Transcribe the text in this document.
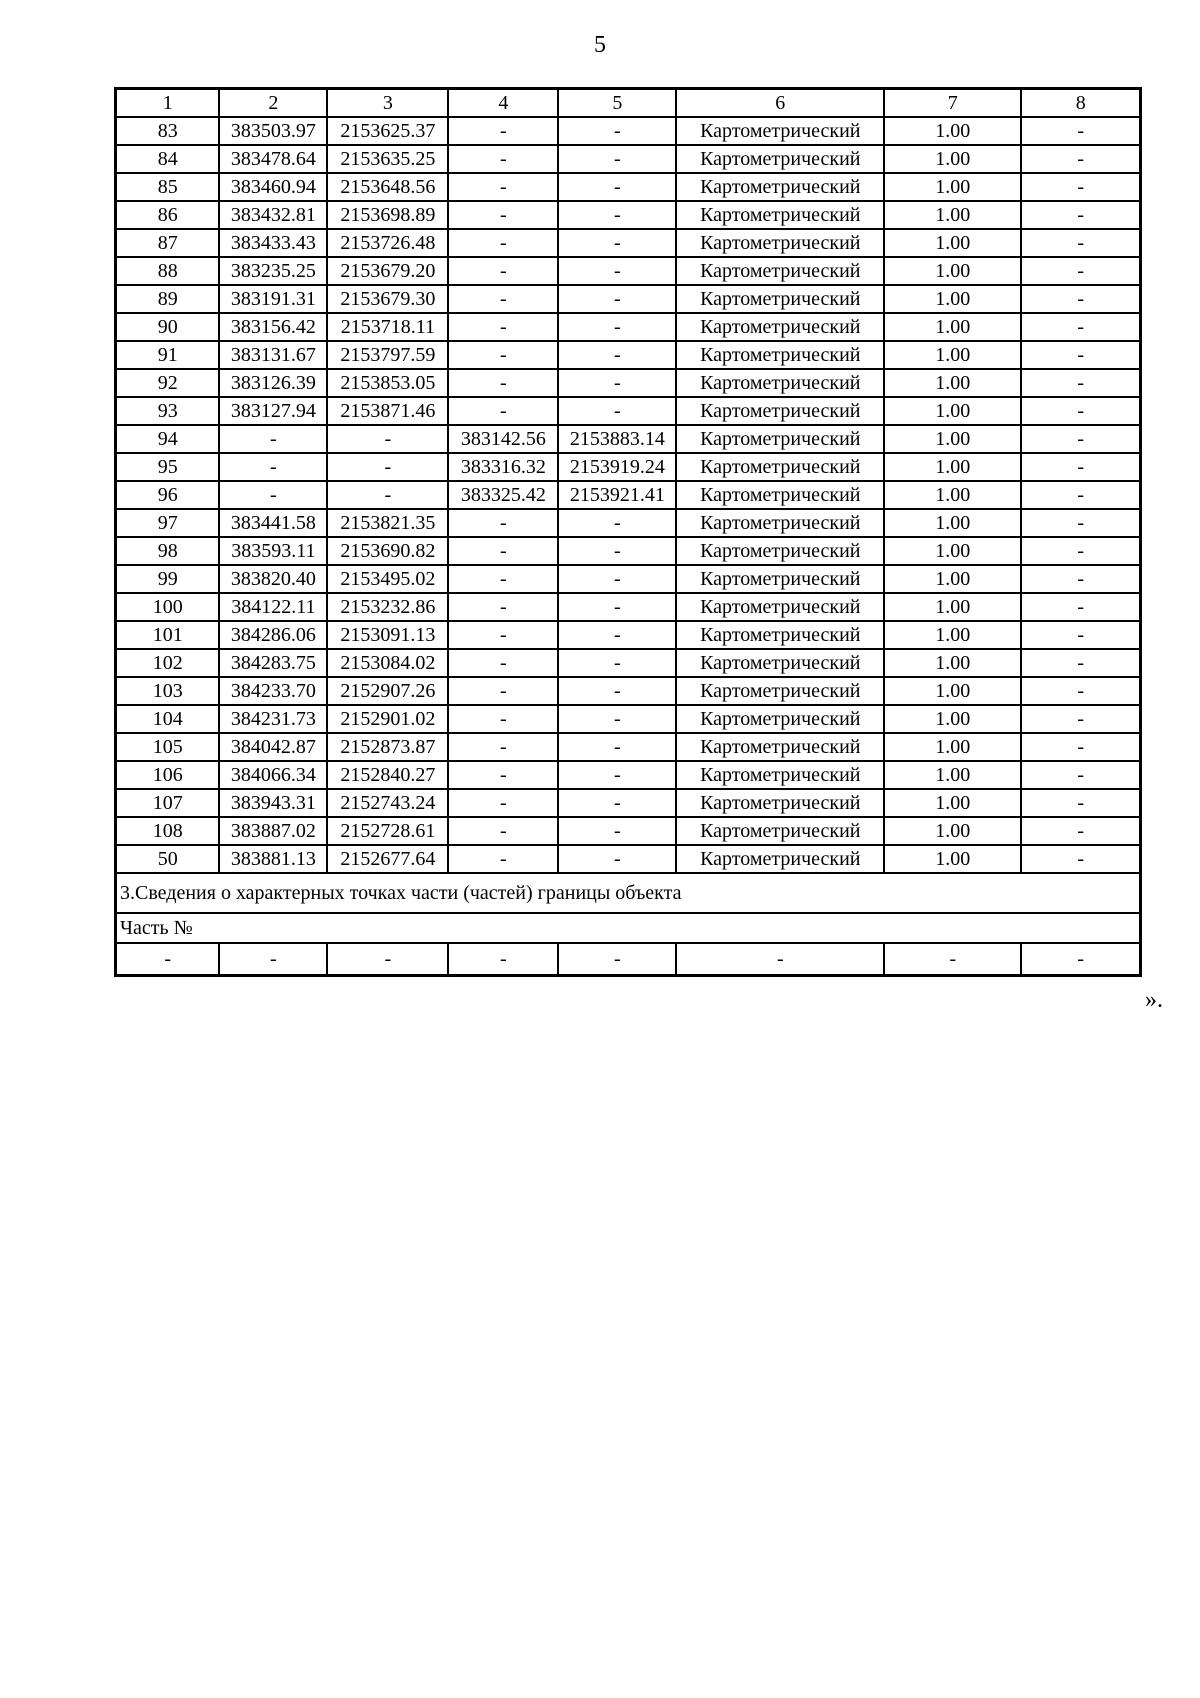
5
1	2	3	4	5	6	7	8
83	383503.97	2153625.37	-	-	Картометрический	1.00	-
84	383478.64	2153635.25	-	-	Картометрический	1.00	-
85	383460.94	2153648.56	-	-	Картометрический	1.00	-
86	383432.81	2153698.89	-	-	Картометрический	1.00	-
87	383433.43	2153726.48	-	-	Картометрический	1.00	-
88	383235.25	2153679.20	-	-	Картометрический	1.00	-
89	383191.31	2153679.30	-	-	Картометрический	1.00	-
90	383156.42	2153718.11	-	-	Картометрический	1.00	-
91	383131.67	2153797.59	-	-	Картометрический	1.00	-
92	383126.39	2153853.05	-	-	Картометрический	1.00	-
93	383127.94	2153871.46	-	-	Картометрический	1.00	-
94	-	-	383142.56	2153883.14	Картометрический	1.00	-
95	-	-	383316.32	2153919.24	Картометрический	1.00	-
96	-	-	383325.42	2153921.41	Картометрический	1.00	-
97	383441.58	2153821.35	-	-	Картометрический	1.00	-
98	383593.11	2153690.82	-	-	Картометрический	1.00	-
99	383820.40	2153495.02	-	-	Картометрический	1.00	-
100	384122.11	2153232.86	-	-	Картометрический	1.00	-
101	384286.06	2153091.13	-	-	Картометрический	1.00	-
102	384283.75	2153084.02	-	-	Картометрический	1.00	-
103	384233.70	2152907.26	-	-	Картометрический	1.00	-
104	384231.73	2152901.02	-	-	Картометрический	1.00	-
105	384042.87	2152873.87	-	-	Картометрический	1.00	-
106	384066.34	2152840.27	-	-	Картометрический	1.00	-
107	383943.31	2152743.24	-	-	Картометрический	1.00	-
108	383887.02	2152728.61	-	-	Картометрический	1.00	-
50	383881.13	2152677.64	-	-	Картометрический	1.00	-
3.Сведения о характерных точках части (частей) границы объекта							
Часть №							
-	-	-	-	-	-	-	-
».
